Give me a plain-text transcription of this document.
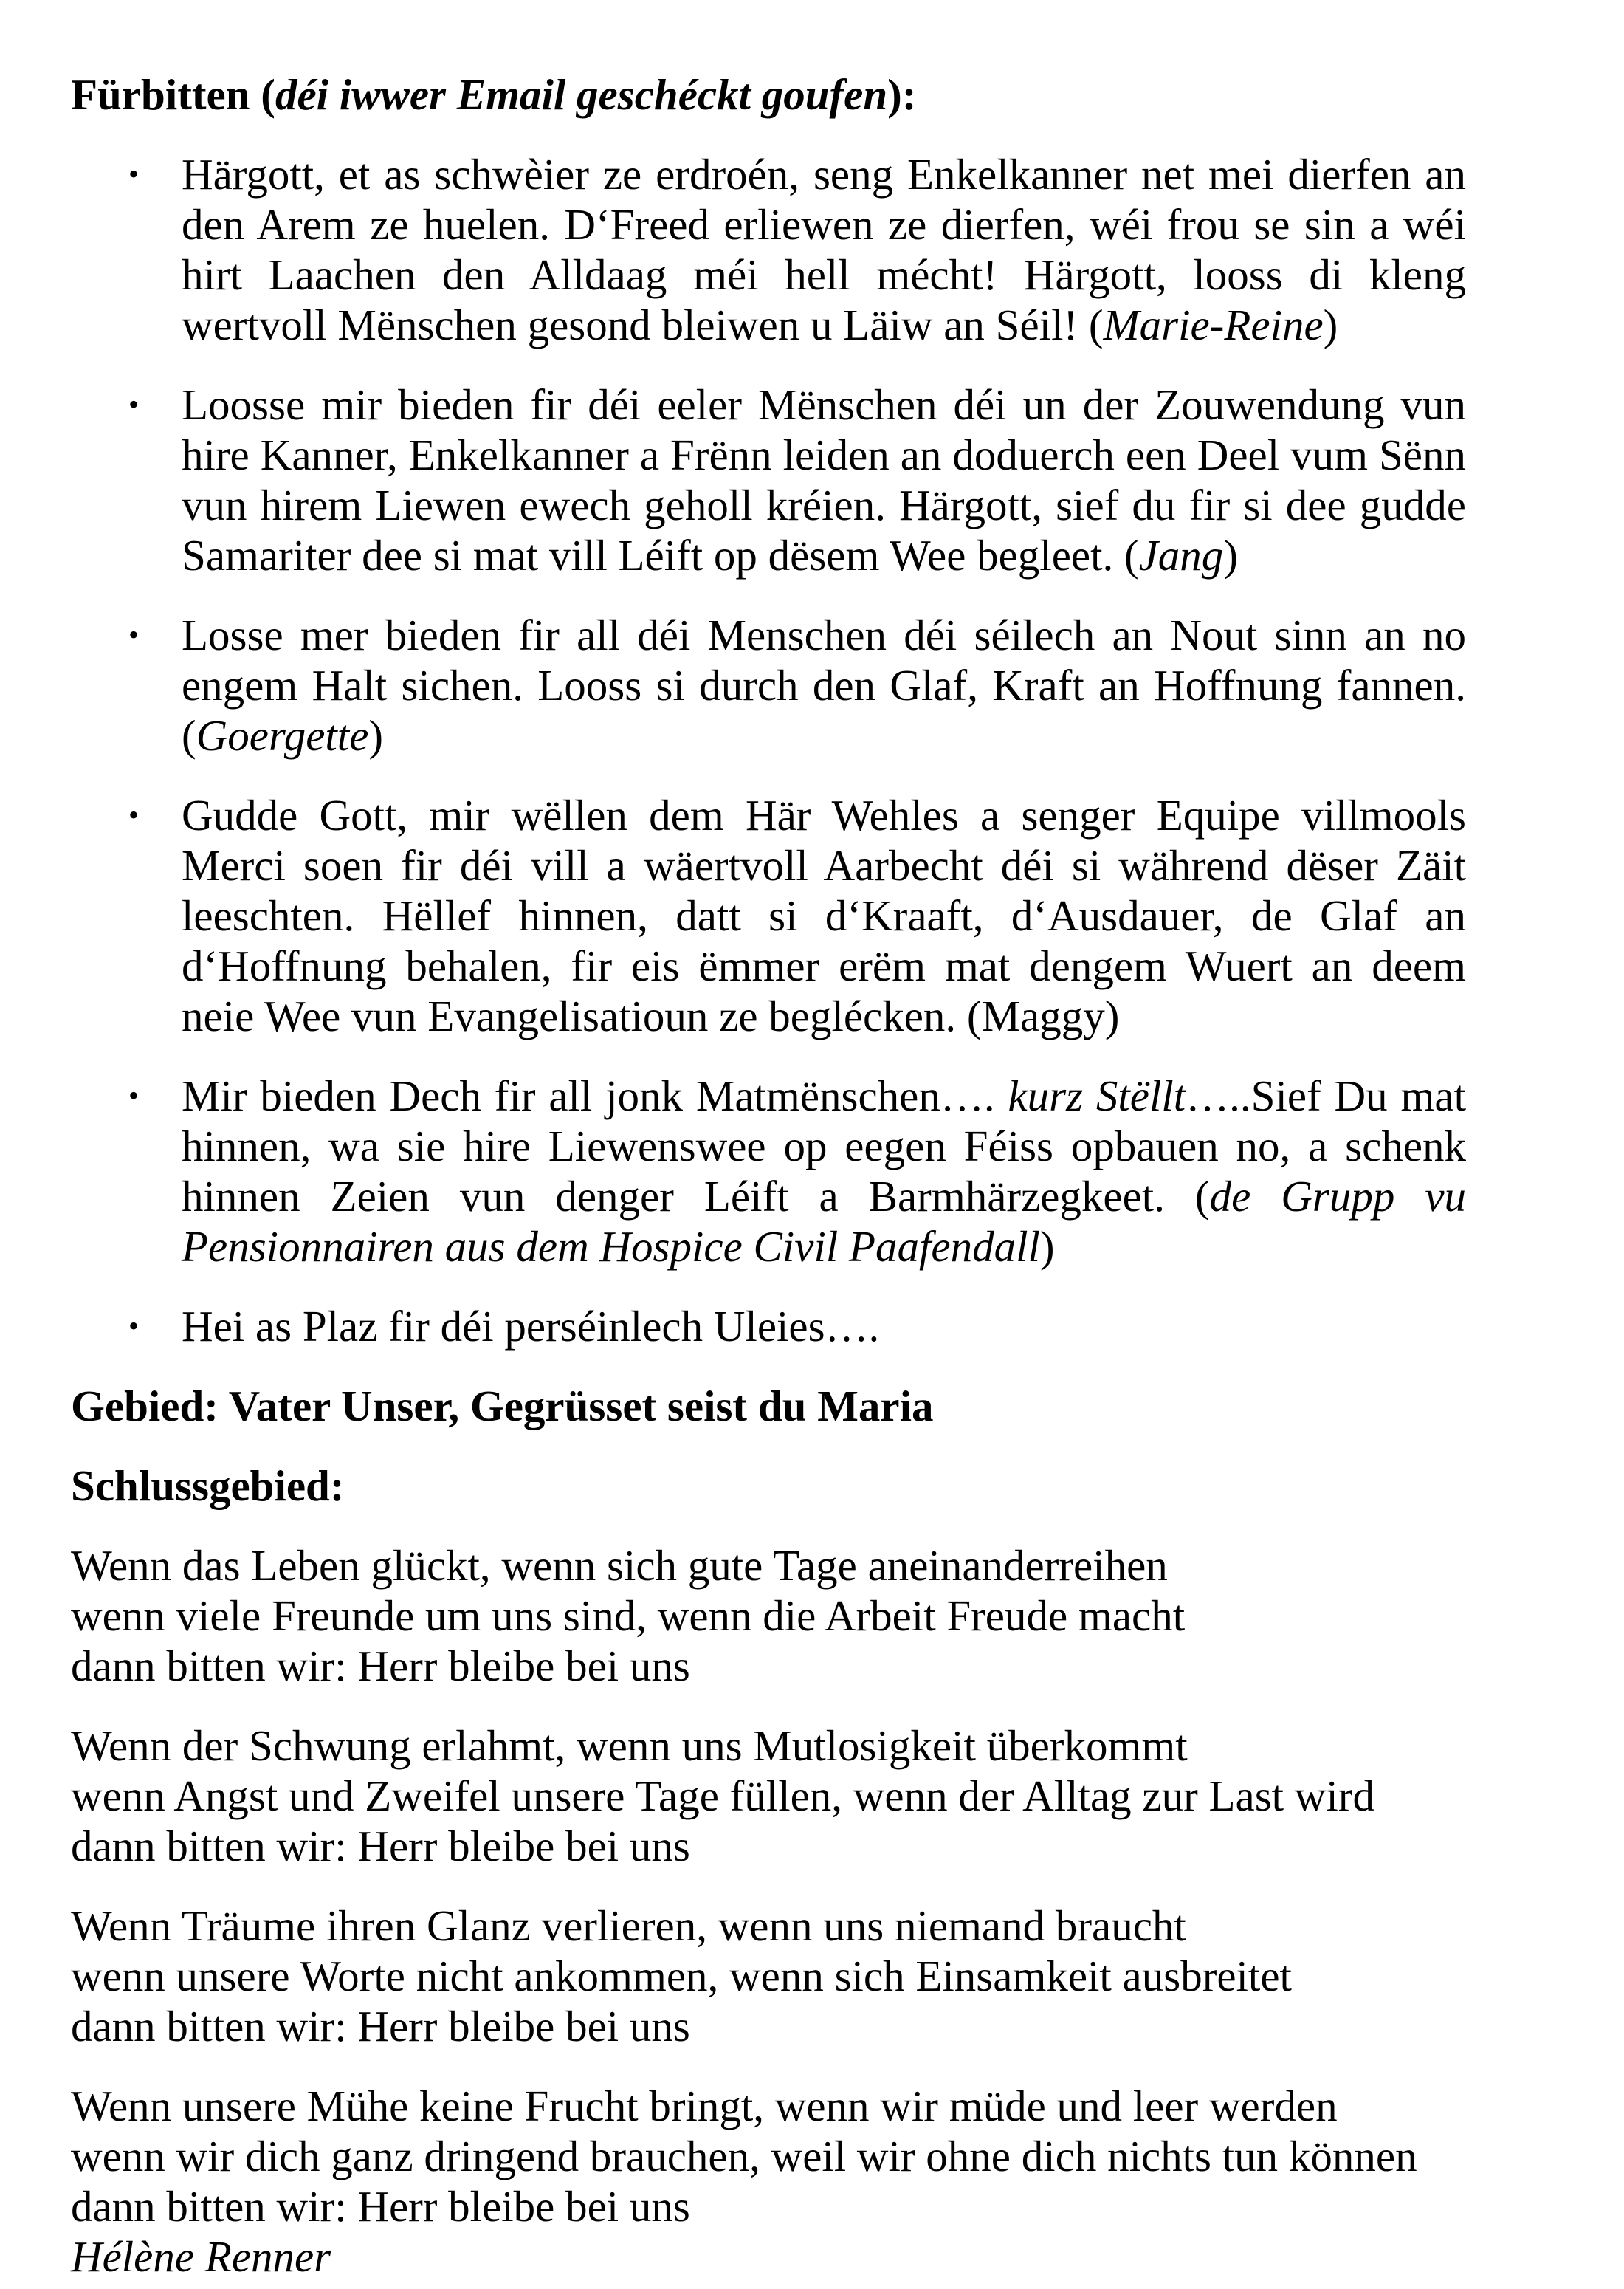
Fürbitten (déi iwwer Email geschéckt goufen):

•
Härgott, et as schwèier ze erdroén, seng Enkelkanner net mei dierfen an den Arem ze huelen. D‘Freed erliewen ze dierfen, wéi frou se sin a wéi hirt Laachen den Alldaag méi hell mécht! Härgott, looss di kleng wertvoll Mënschen gesond bleiwen u Läiw an Séil! (Marie-Reine)
•
Loosse mir bieden fir déi eeler Mënschen déi un der Zouwendung vun hire Kanner, Enkelkanner a Frënn leiden an doduerch een Deel vum Sënn vun hirem Liewen ewech geholl kréien. Härgott, sief du fir si dee gudde Samariter dee si mat vill Léift op dësem Wee begleet. (Jang)
•
Losse mer bieden fir all déi Menschen déi séilech an Nout sinn an no engem Halt sichen. Looss si durch den Glaf, Kraft an Hoffnung fannen. (Goergette)
•
Gudde Gott, mir wëllen dem Här Wehles a senger Equipe villmools Merci soen fir déi vill a wäertvoll Aarbecht déi si während dëser Zäit leeschten. Hëllef hinnen, datt si d‘Kraaft, d‘Ausdauer, de Glaf an d‘Hoffnung behalen, fir eis ëmmer erëm mat dengem Wuert an deem neie Wee vun Evangelisatioun ze beglécken. (Maggy)
•
Mir bieden Dech fir all jonk Matmënschen…. kurz Stëllt…..Sief Du mat hinnen, wa sie hire Liewenswee op eegen Féiss opbauen no, a schenk hinnen Zeien vun denger Léift a Barmhärzegkeet. (de Grupp vu Pensionnairen aus dem Hospice Civil Paafendall)
•
Hei as Plaz fir déi perséinlech Uleies….

Gebied: Vater Unser, Gegrüsset seist du Maria

Schlussgebied:

Wenn das Leben glückt, wenn sich gute Tage aneinanderreihen
wenn viele Freunde um uns sind, wenn die Arbeit Freude macht
dann bitten wir: Herr bleibe bei uns
Wenn der Schwung erlahmt, wenn uns Mutlosigkeit überkommt
wenn Angst und Zweifel unsere Tage füllen, wenn der Alltag zur Last wird
dann bitten wir: Herr bleibe bei uns
Wenn Träume ihren Glanz verlieren, wenn uns niemand braucht
wenn unsere Worte nicht ankommen, wenn sich Einsamkeit ausbreitet
dann bitten wir: Herr bleibe bei uns
Wenn unsere Mühe keine Frucht bringt, wenn wir müde und leer werden
wenn wir dich ganz dringend brauchen, weil wir ohne dich nichts tun können
dann bitten wir: Herr bleibe bei uns
Hélène Renner
